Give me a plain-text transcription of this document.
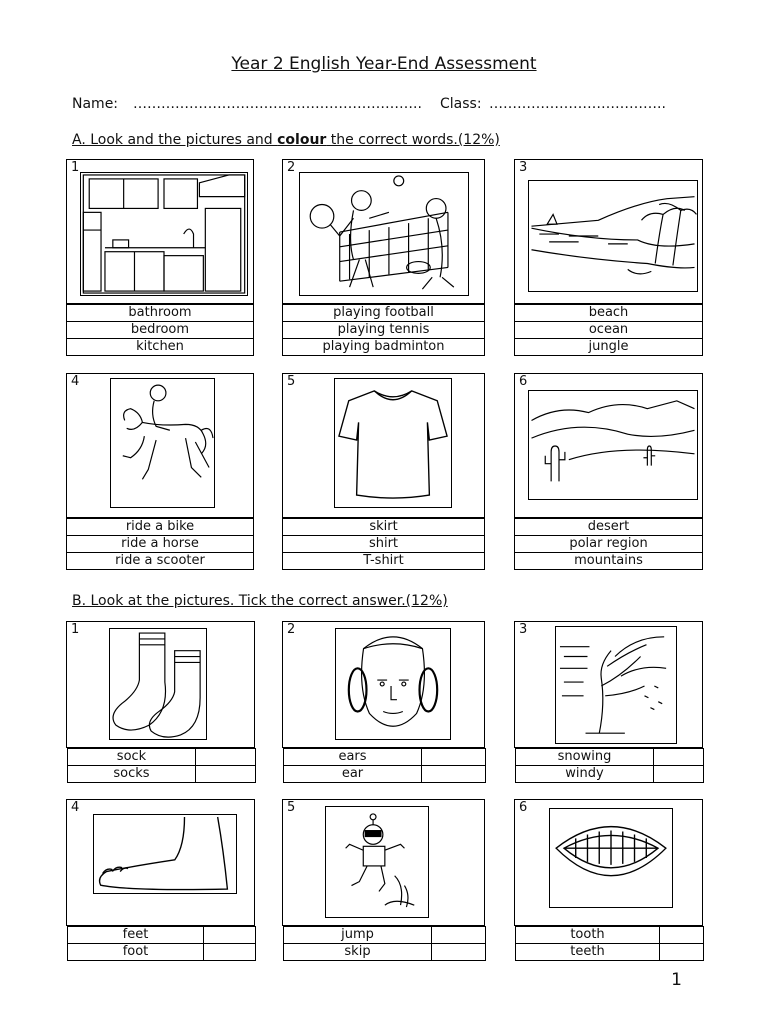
Year 2 English Year-End Assessment
Name: …………………………………………………….. Class: ………………………………..
A. Look and the pictures and colour the correct words.(12%)
1
bathroom
bedroom
kitchen
2
playing football
playing tennis
playing badminton
3
beach
ocean
jungle
4
ride a bike
ride a horse
ride a scooter
5
skirt
shirt
T-shirt
6
desert
polar region
mountains
B. Look at the pictures. Tick the correct answer.(12%)
1
sock
socks
2
ears
ear
3
snowing
windy
4
feet
foot
5
jump
skip
6
tooth
teeth
1
